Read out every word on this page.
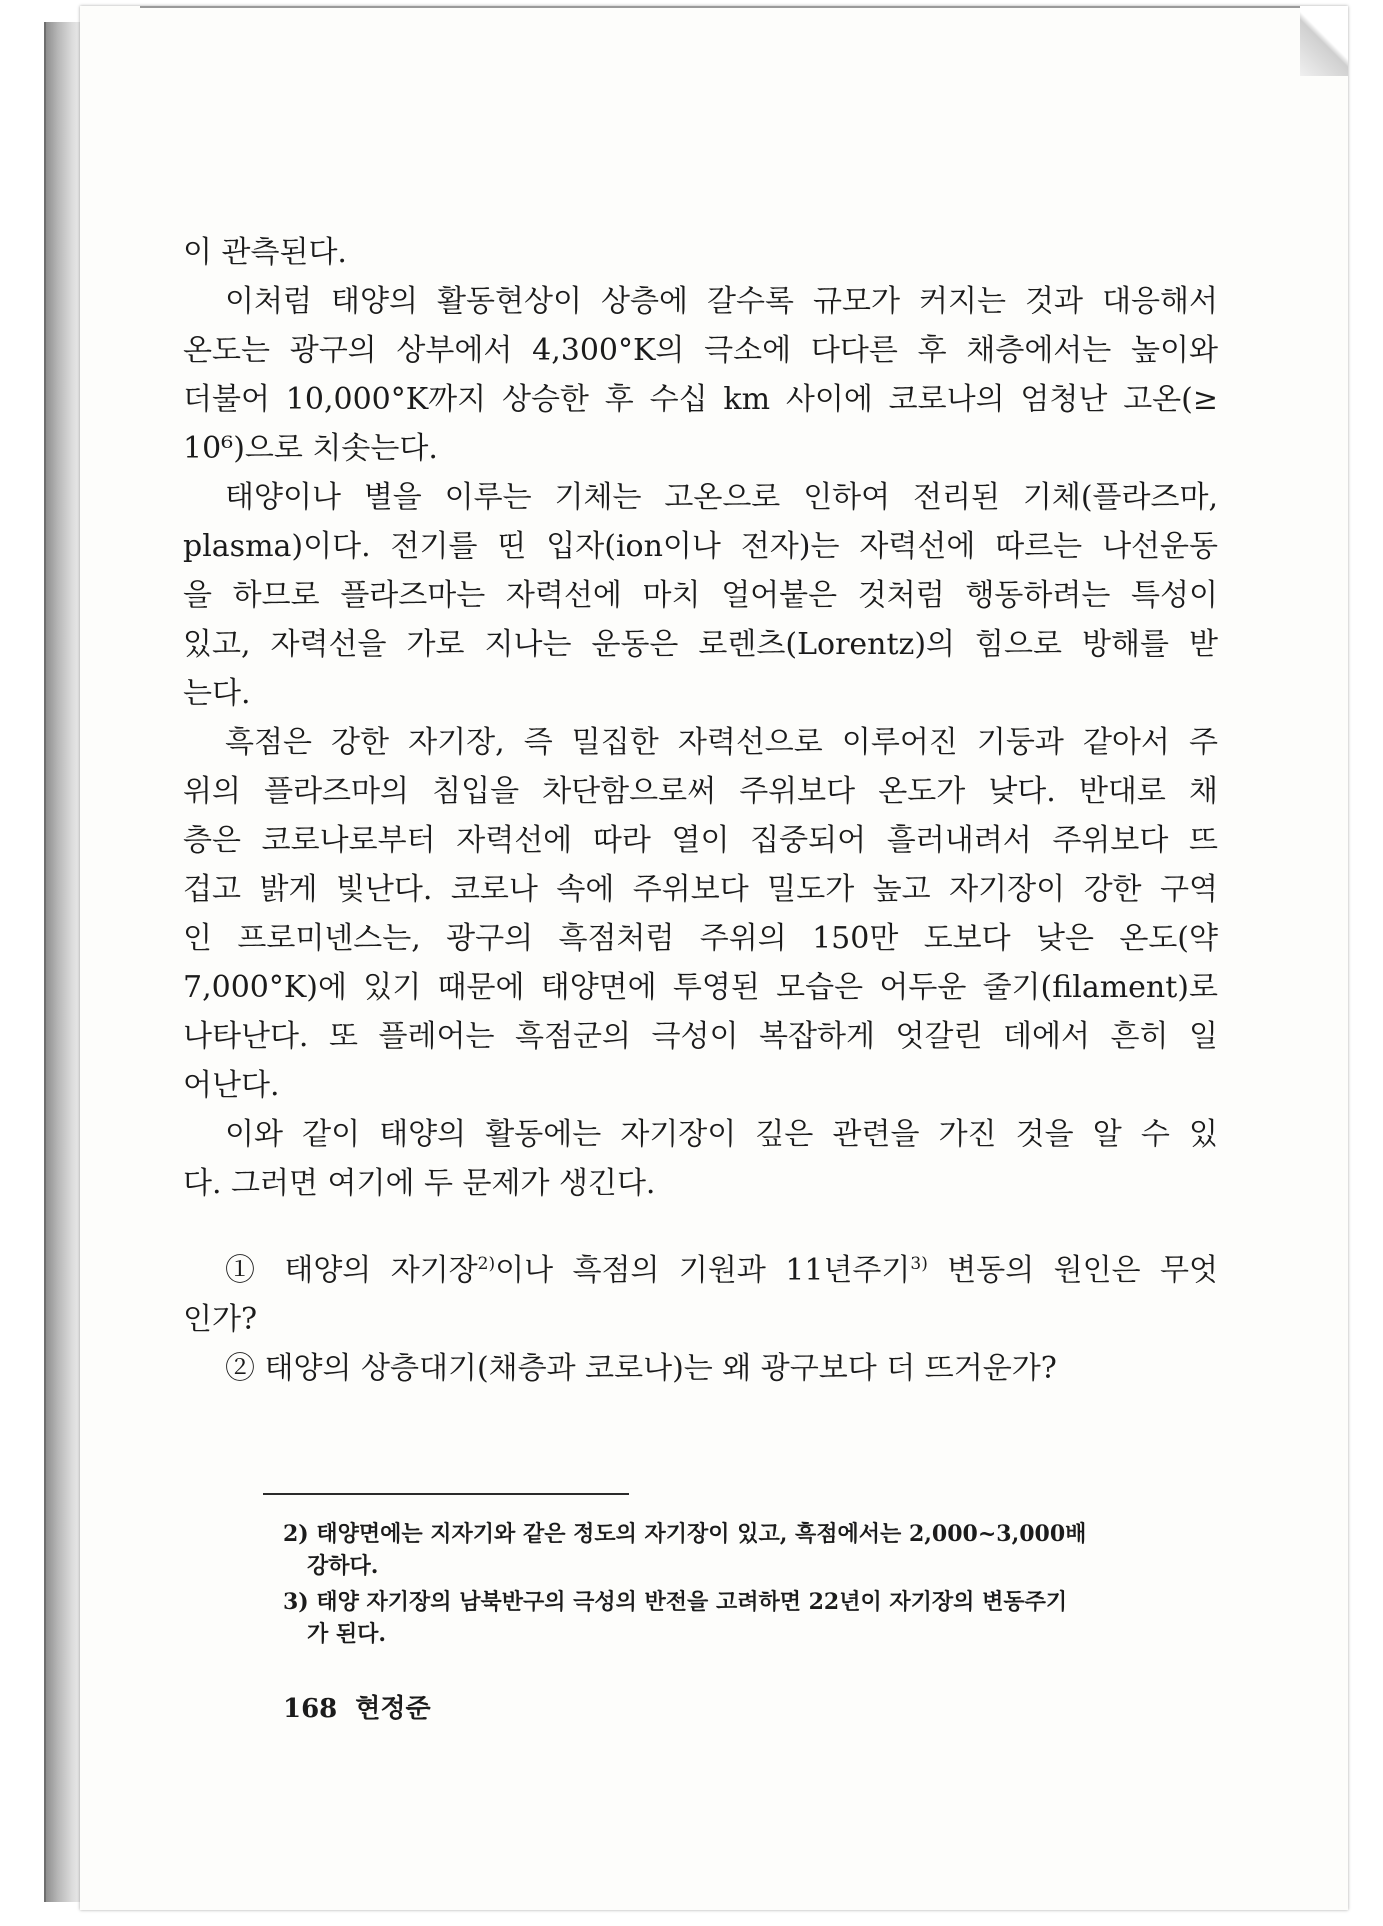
이 관측된다.
이처럼 태양의 활동현상이 상층에 갈수록 규모가 커지는 것과 대응해서
온도는 광구의 상부에서 4,300°K의 극소에 다다른 후 채층에서는 높이와
더불어 10,000°K까지 상승한 후 수십 km 사이에 코로나의 엄청난 고온(≥
10⁶)으로 치솟는다.
태양이나 별을 이루는 기체는 고온으로 인하여 전리된 기체(플라즈마,
plasma)이다. 전기를 띤 입자(ion이나 전자)는 자력선에 따르는 나선운동
을 하므로 플라즈마는 자력선에 마치 얼어붙은 것처럼 행동하려는 특성이
있고, 자력선을 가로 지나는 운동은 로렌츠(Lorentz)의 힘으로 방해를 받
는다.
흑점은 강한 자기장, 즉 밀집한 자력선으로 이루어진 기둥과 같아서 주
위의 플라즈마의 침입을 차단함으로써 주위보다 온도가 낮다. 반대로 채
층은 코로나로부터 자력선에 따라 열이 집중되어 흘러내려서 주위보다 뜨
겁고 밝게 빛난다. 코로나 속에 주위보다 밀도가 높고 자기장이 강한 구역
인 프로미넨스는, 광구의 흑점처럼 주위의 150만 도보다 낮은 온도(약
7,000°K)에 있기 때문에 태양면에 투영된 모습은 어두운 줄기(filament)로
나타난다. 또 플레어는 흑점군의 극성이 복잡하게 엇갈린 데에서 흔히 일
어난다.
이와 같이 태양의 활동에는 자기장이 깊은 관련을 가진 것을 알 수 있
다. 그러면 여기에 두 문제가 생긴다.
① 태양의 자기장$^{2)}$이나 흑점의 기원과 11년주기$^{3)}$ 변동의 원인은 무엇
인가?
② 태양의 상층대기(채층과 코로나)는 왜 광구보다 더 뜨거운가?
2) 태양면에는 지자기와 같은 정도의 자기장이 있고, 흑점에서는 2,000~3,000배
강하다.
3) 태양 자기장의 남북반구의 극성의 반전을 고려하면 22년이 자기장의 변동주기
가 된다.
168 현정준
